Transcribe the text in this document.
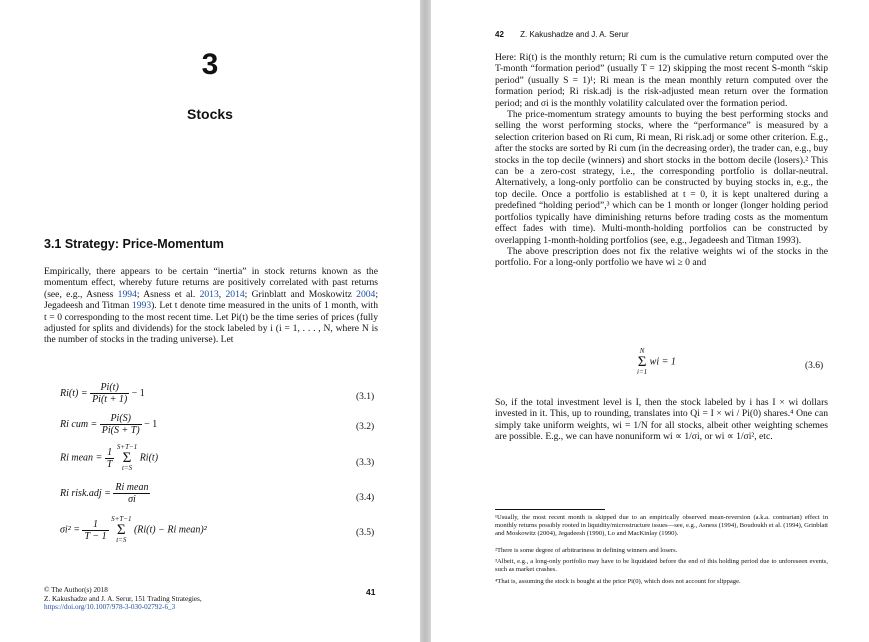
3
Stocks
3.1 Strategy: Price-Momentum
Empirically, there appears to be certain “inertia” in stock returns known as the momentum effect, whereby future returns are positively correlated with past returns (see, e.g., Asness 1994; Asness et al. 2013, 2014; Grinblatt and Moskowitz 2004; Jegadeesh and Titman 1993). Let t denote time measured in the units of 1 month, with t = 0 corresponding to the most recent time. Let Pi(t) be the time series of prices (fully adjusted for splits and dividends) for the stock labeled by i (i = 1, . . . , N, where N is the number of stocks in the trading universe). Let
$Ri(t) = \frac{Pi(t)}{Pi(t + 1)} - 1$	(3.1)
Ri cum = $\frac{Pi(S)}{Pi(S + T)} - 1$	(3.2)
Ri mean = $\frac{1}{T} S+T-1$
Σ
t=S Ri(t)	(3.3)
Ri risk.adj = $\frac{\text{Ri mean}}{\sigma i}$	(3.4)
$\sigma i^2 = \frac{1}{T - 1} S+T-1$
Σ
t=S (Ri(t) − Ri mean)²	(3.5)
© The Author(s) 2018
Z. Kakushadze and J. A. Serur, 151 Trading Strategies,
https://doi.org/10.1007/978-3-030-02792-6_3
41
42 Z. Kakushadze and J. A. Serur
Here: Ri(t) is the monthly return; Ri cum is the cumulative return computed over the T-month “formation period” (usually T = 12) skipping the most recent S-month “skip period” (usually S = 1)¹; Ri mean is the mean monthly return computed over the formation period; Ri risk.adj is the risk-adjusted mean return over the formation period; and σi is the monthly volatility calculated over the formation period.
The price-momentum strategy amounts to buying the best performing stocks and selling the worst performing stocks, where the “performance” is measured by a selection criterion based on Ri cum, Ri mean, Ri risk.adj or some other criterion. E.g., after the stocks are sorted by Ri cum (in the decreasing order), the trader can, e.g., buy stocks in the top decile (winners) and short stocks in the bottom decile (losers).² This can be a zero-cost strategy, i.e., the corresponding portfolio is dollar-neutral. Alternatively, a long-only portfolio can be constructed by buying stocks in, e.g., the top decile. Once a portfolio is established at t = 0, it is kept unaltered during a predefined “holding period”,³ which can be 1 month or longer (longer holding period portfolios typically have diminishing returns before trading costs as the momentum effect fades with time). Multi-month-holding portfolios can be constructed by overlapping 1-month-holding portfolios (see, e.g., Jegadeesh and Titman 1993).
The above prescription does not fix the relative weights wi of the stocks in the portfolio. For a long-only portfolio we have wi ≥ 0 and
N
Σ
i=1 wi = 1	(3.6)
So, if the total investment level is I, then the stock labeled by i has I × wi dollars invested in it. This, up to rounding, translates into Qi = I × wi / Pi(0) shares.⁴ One can simply take uniform weights, wi = 1/N for all stocks, albeit other weighting schemes are possible. E.g., we can have nonuniform wi ∝ 1/σi, or wi ∝ 1/σi², etc.
¹Usually, the most recent month is skipped due to an empirically observed mean-reversion (a.k.a. contrarian) effect in monthly returns possibly rooted in liquidity/microstructure issues—see, e.g., Asness (1994), Boudoukh et al. (1994), Grinblatt and Moskowitz (2004), Jegadeesh (1990), Lo and MacKinlay (1990).
²There is some degree of arbitrariness in defining winners and losers.
³Albeit, e.g., a long-only portfolio may have to be liquidated before the end of this holding period due to unforeseen events, such as market crashes.
⁴That is, assuming the stock is bought at the price Pi(0), which does not account for slippage.
